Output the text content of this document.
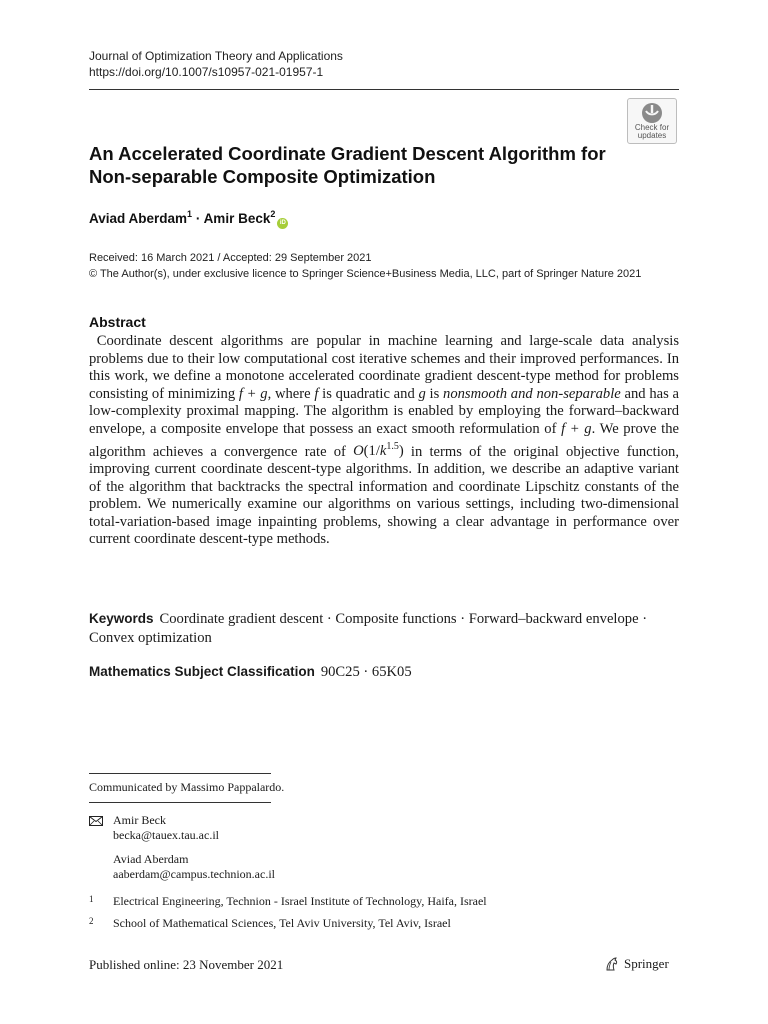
Journal of Optimization Theory and Applications
https://doi.org/10.1007/s10957-021-01957-1
Check for
updates
An Accelerated Coordinate Gradient Descent Algorithm for
Non-separable Composite Optimization
Aviad Aberdam$^1$ · Amir Beck$^2$iD
Received: 16 March 2021 / Accepted: 29 September 2021
© The Author(s), under exclusive licence to Springer Science+Business Media, LLC, part of Springer Nature 2021
Abstract

Coordinate descent algorithms are popular in machine learning and large-scale data analysis problems due to their low computational cost iterative schemes and their improved performances. In this work, we define a monotone accelerated coordinate gradient descent-type method for problems consisting of minimizing f + g, where f is quadratic and g is nonsmooth and non-separable and has a low-complexity proximal mapping. The algorithm is enabled by employing the forward–backward envelope, a composite envelope that possess an exact smooth reformulation of f + g. We prove the algorithm achieves a convergence rate of $O(1/k^{1.5})$ in terms of the original objective function, improving current coordinate descent-type algorithms. In addition, we describe an adaptive variant of the algorithm that backtracks the spectral information and coordinate Lipschitz constants of the problem. We numerically examine our algorithms on various settings, including two-dimensional total-variation-based image inpainting problems, showing a clear advantage in performance over current coordinate descent-type methods.

Keywords Coordinate gradient descent · Composite functions · Forward–backward envelope · Convex optimization
Mathematics Subject Classification 90C25 · 65K05
Communicated by Massimo Pappalardo.
Amir Beck
becka@tauex.tau.ac.il
Aviad Aberdam
aaberdam@campus.technion.ac.il
1	Electrical Engineering, Technion - Israel Institute of Technology, Haifa, Israel
2	School of Mathematical Sciences, Tel Aviv University, Tel Aviv, Israel
Published online: 23 November 2021	Springer
